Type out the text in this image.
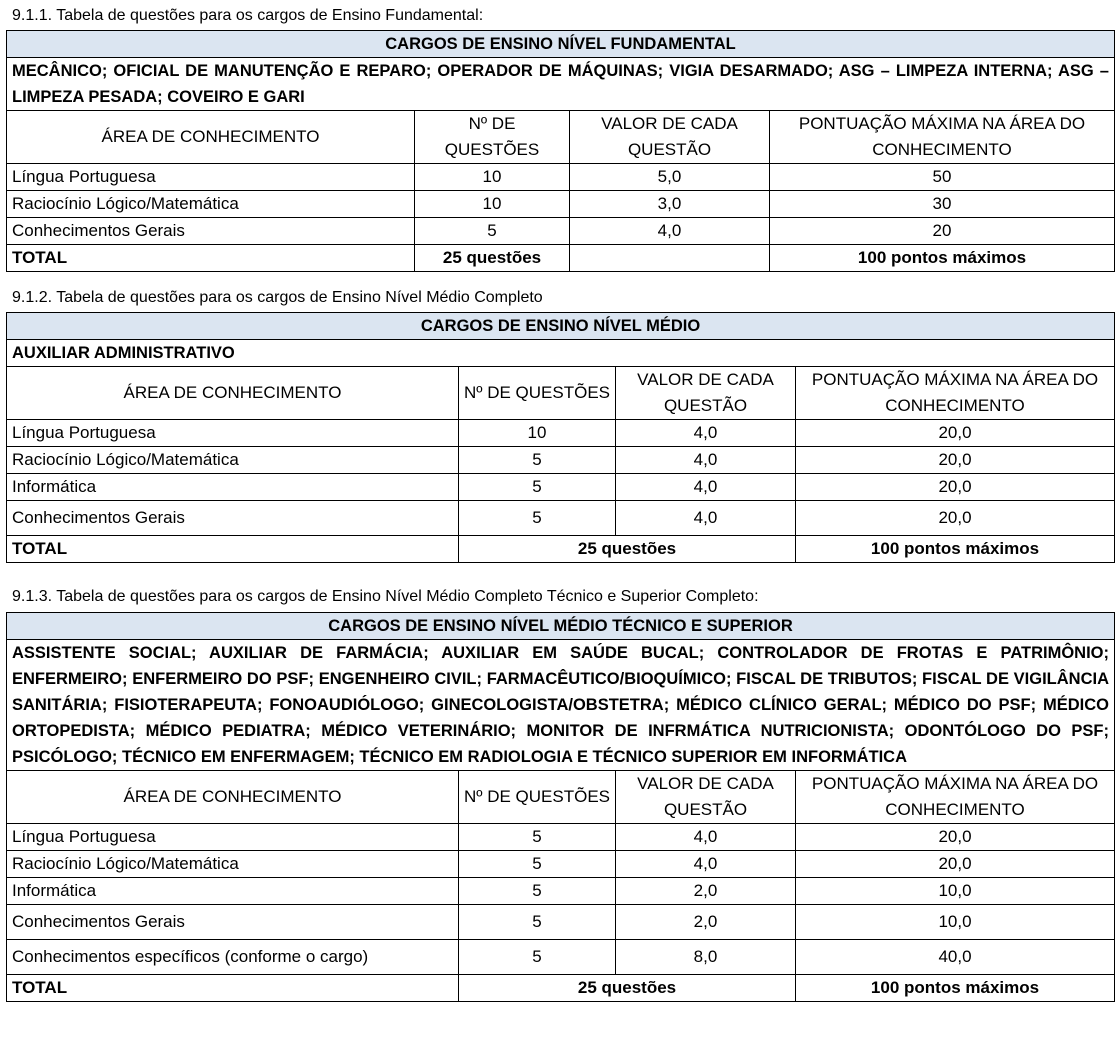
9.1.1. Tabela de questões para os cargos de Ensino Fundamental:
CARGOS DE ENSINO NÍVEL FUNDAMENTAL			
MECÂNICO; OFICIAL DE MANUTENÇÃO E REPARO; OPERADOR DE MÁQUINAS; VIGIA DESARMADO; ASG – LIMPEZA INTERNA; ASG – LIMPEZA PESADA; COVEIRO E GARI			
ÁREA DE CONHECIMENTO	Nº DE QUESTÕES	VALOR DE CADA QUESTÃO	PONTUAÇÃO MÁXIMA NA ÁREA DO CONHECIMENTO
Língua Portuguesa	10	5,0	50
Raciocínio Lógico/Matemática	10	3,0	30
Conhecimentos Gerais	5	4,0	20
TOTAL	25 questões		100 pontos máximos
9.1.2. Tabela de questões para os cargos de Ensino Nível Médio Completo
CARGOS DE ENSINO NÍVEL MÉDIO			
AUXILIAR ADMINISTRATIVO			
ÁREA DE CONHECIMENTO	Nº DE QUESTÕES	VALOR DE CADA QUESTÃO	PONTUAÇÃO MÁXIMA NA ÁREA DO CONHECIMENTO
Língua Portuguesa	10	4,0	20,0
Raciocínio Lógico/Matemática	5	4,0	20,0
Informática	5	4,0	20,0
Conhecimentos Gerais	5	4,0	20,0
TOTAL	25 questões		100 pontos máximos
9.1.3. Tabela de questões para os cargos de Ensino Nível Médio Completo Técnico e Superior Completo:
CARGOS DE ENSINO NÍVEL MÉDIO TÉCNICO E SUPERIOR			
ASSISTENTE SOCIAL; AUXILIAR DE FARMÁCIA; AUXILIAR EM SAÚDE BUCAL; CONTROLADOR DE FROTAS E PATRIMÔNIO; ENFERMEIRO; ENFERMEIRO DO PSF; ENGENHEIRO CIVIL; FARMACÊUTICO/BIOQUÍMICO; FISCAL DE TRIBUTOS; FISCAL DE VIGILÂNCIA SANITÁRIA; FISIOTERAPEUTA; FONOAUDIÓLOGO; GINECOLOGISTA/OBSTETRA; MÉDICO CLÍNICO GERAL; MÉDICO DO PSF; MÉDICO ORTOPEDISTA; MÉDICO PEDIATRA; MÉDICO VETERINÁRIO; MONITOR DE INFRMÁTICA NUTRICIONISTA; ODONTÓLOGO DO PSF; PSICÓLOGO; TÉCNICO EM ENFERMAGEM; TÉCNICO EM RADIOLOGIA E TÉCNICO SUPERIOR EM INFORMÁTICA			
ÁREA DE CONHECIMENTO	Nº DE QUESTÕES	VALOR DE CADA QUESTÃO	PONTUAÇÃO MÁXIMA NA ÁREA DO CONHECIMENTO
Língua Portuguesa	5	4,0	20,0
Raciocínio Lógico/Matemática	5	4,0	20,0
Informática	5	2,0	10,0
Conhecimentos Gerais	5	2,0	10,0
Conhecimentos específicos (conforme o cargo)	5	8,0	40,0
TOTAL	25 questões		100 pontos máximos
